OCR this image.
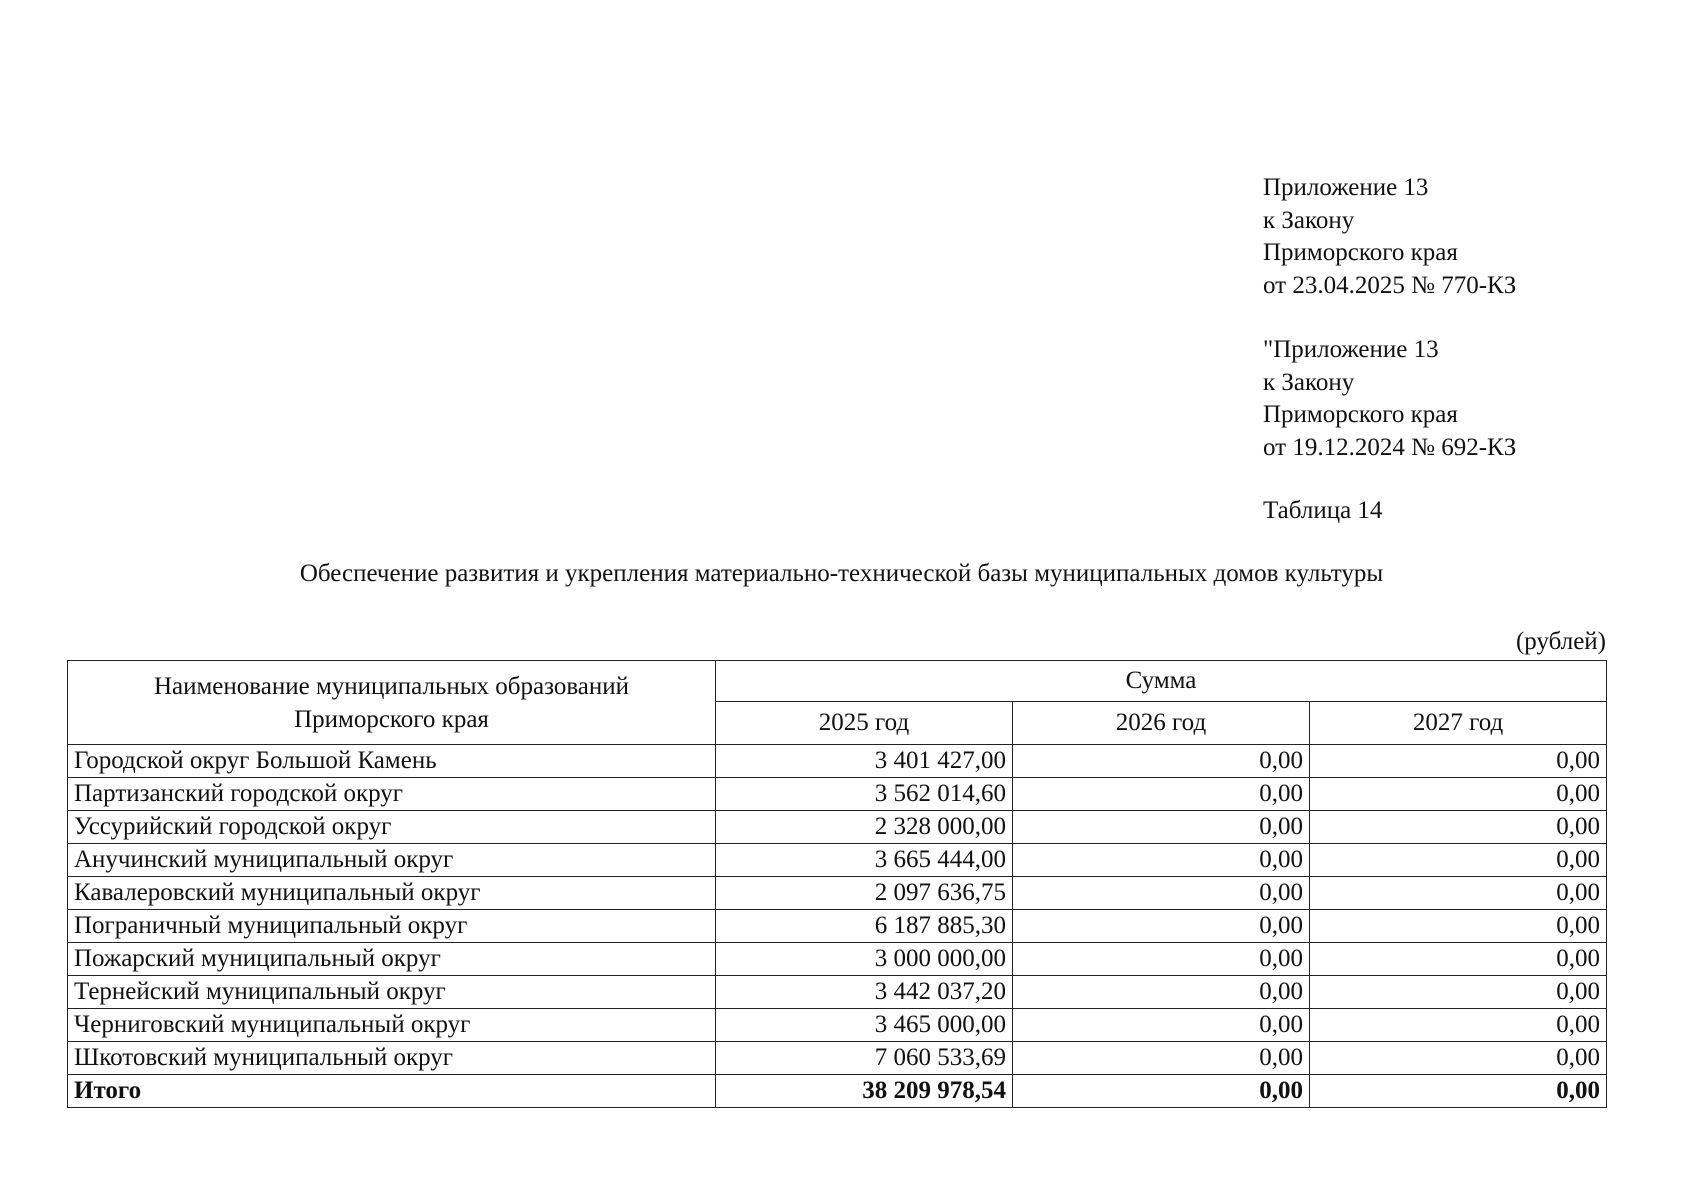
Приложение 13
к Закону
Приморского края
от 23.04.2025 № 770-КЗ
"Приложение 13
к Закону
Приморского края
от 19.12.2024 № 692-КЗ
Таблица 14
Обеспечение развития и укрепления материально-технической базы муниципальных домов культуры
(рублей)
Наименование муниципальных образований
Приморского края	Сумма		
	2025 год	2026 год	2027 год
Городской округ Большой Камень	3 401 427,00	0,00	0,00
Партизанский городской округ	3 562 014,60	0,00	0,00
Уссурийский городской округ	2 328 000,00	0,00	0,00
Анучинский муниципальный округ	3 665 444,00	0,00	0,00
Кавалеровский муниципальный округ	2 097 636,75	0,00	0,00
Пограничный муниципальный округ	6 187 885,30	0,00	0,00
Пожарский муниципальный округ	3 000 000,00	0,00	0,00
Тернейский муниципальный округ	3 442 037,20	0,00	0,00
Черниговский муниципальный округ	3 465 000,00	0,00	0,00
Шкотовский муниципальный округ	7 060 533,69	0,00	0,00
Итого	38 209 978,54	0,00	0,00
